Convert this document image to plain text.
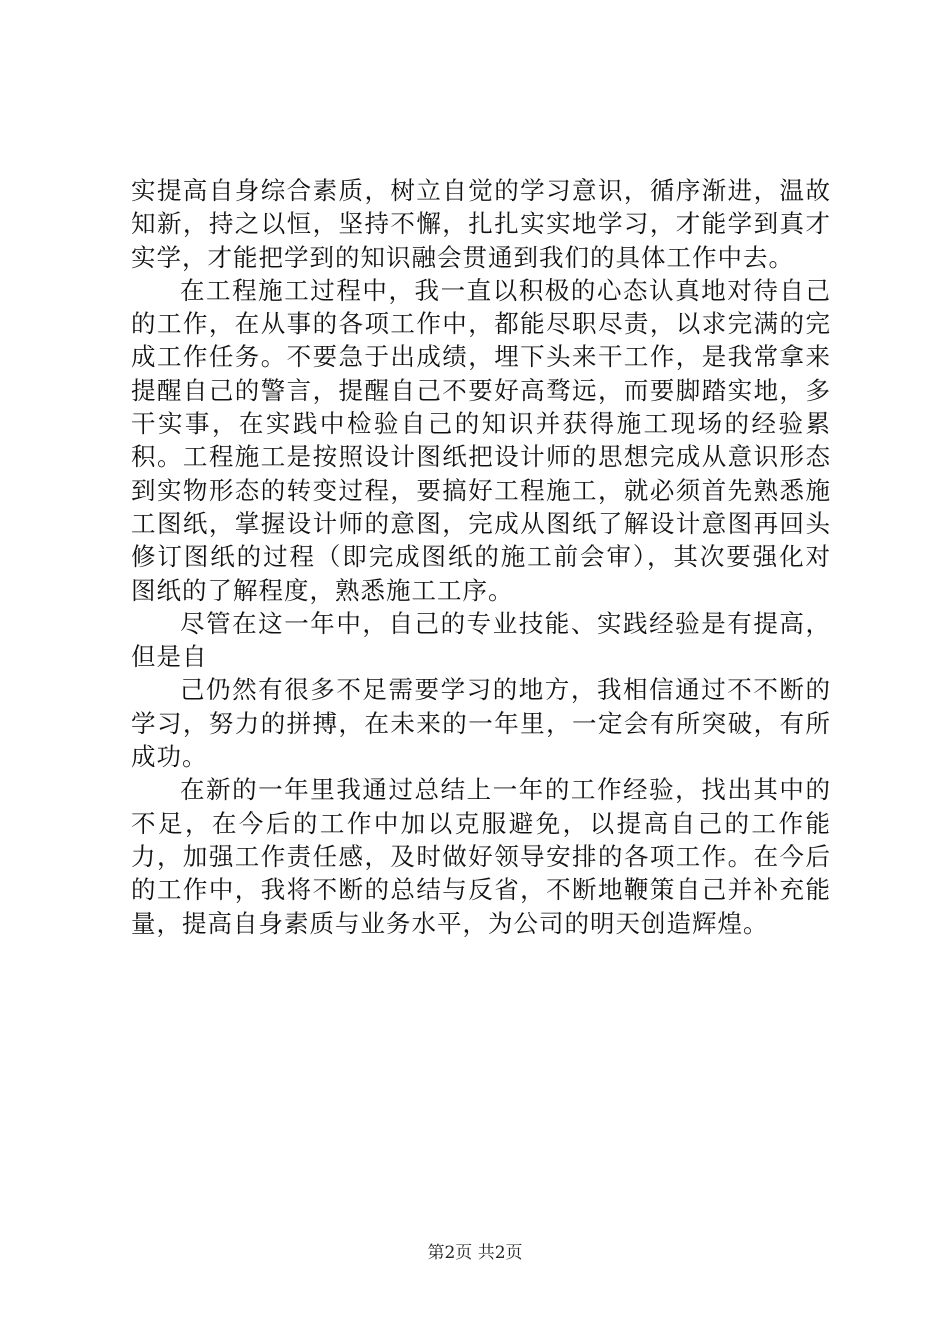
实提高自身综合素质，树立自觉的学习意识，循序渐进，温故知新，持之以恒，坚持不懈，扎扎实实地学习，才能学到真才实学，才能把学到的知识融会贯通到我们的具体工作中去。

在工程施工过程中，我一直以积极的心态认真地对待自己的工作，在从事的各项工作中，都能尽职尽责，以求完满的完成工作任务。不要急于出成绩，埋下头来干工作，是我常拿来提醒自己的警言，提醒自己不要好高骛远，而要脚踏实地，多干实事，在实践中检验自己的知识并获得施工现场的经验累积。工程施工是按照设计图纸把设计师的思想完成从意识形态到实物形态的转变过程，要搞好工程施工，就必须首先熟悉施工图纸，掌握设计师的意图，完成从图纸了解设计意图再回头修订图纸的过程（即完成图纸的施工前会审），其次要强化对图纸的了解程度，熟悉施工工序。

尽管在这一年中，自己的专业技能、实践经验是有提高，但是自

己仍然有很多不足需要学习的地方，我相信通过不不断的学习，努力的拼搏，在未来的一年里，一定会有所突破，有所成功。

在新的一年里我通过总结上一年的工作经验，找出其中的不足，在今后的工作中加以克服避免，以提高自己的工作能力，加强工作责任感，及时做好领导安排的各项工作。在今后的工作中，我将不断的总结与反省，不断地鞭策自己并补充能量，提高自身素质与业务水平，为公司的明天创造辉煌。

第2页 共2页
